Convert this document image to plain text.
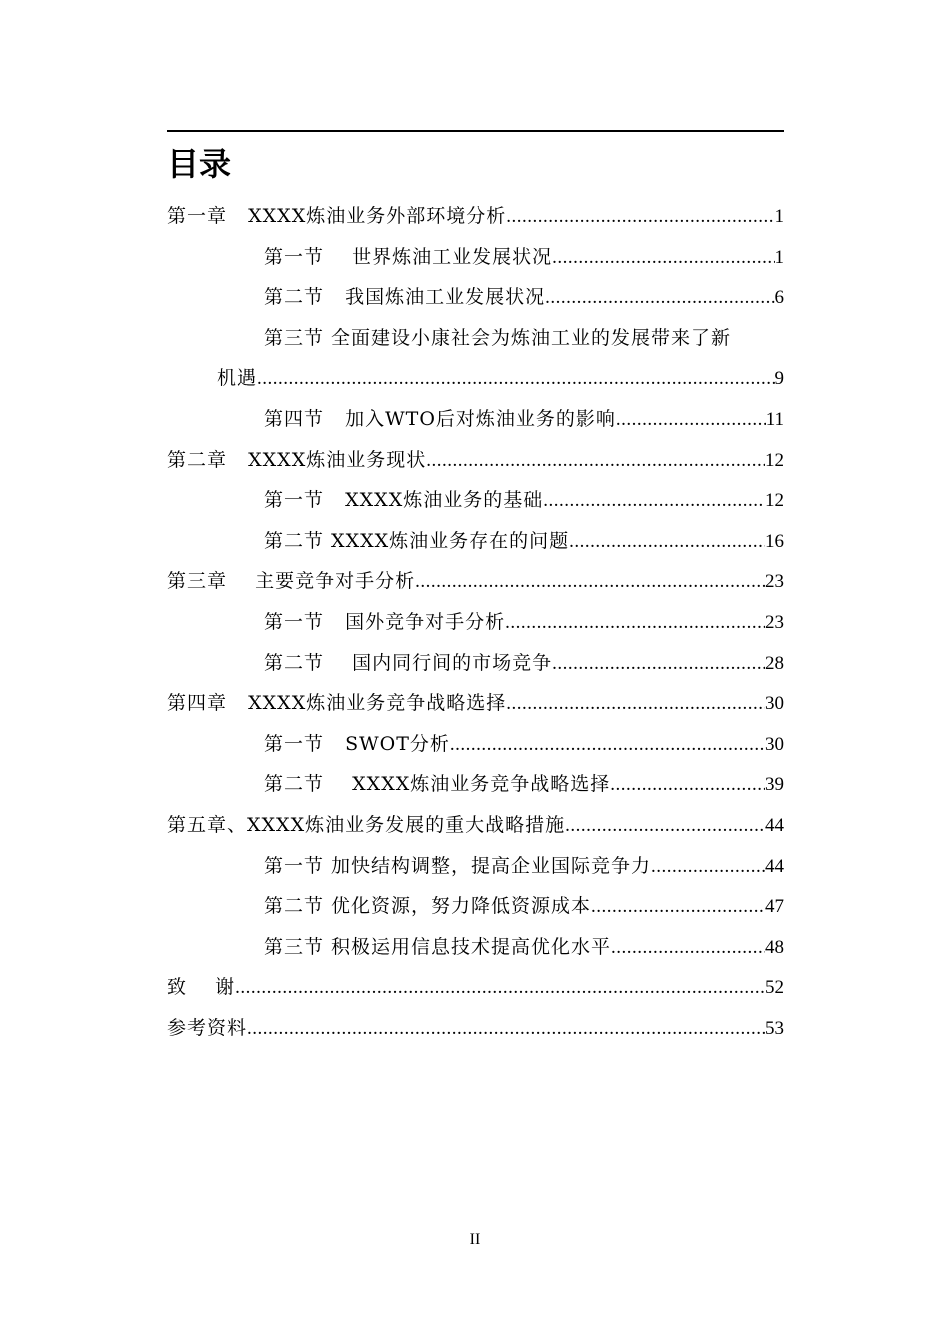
目录
第一章   XXXX炼油业务外部环境分析 .....	1
第一节    世界炼油工业发展状况 .....	1
第二节   我国炼油工业发展状况 .....	6
第三节 全面建设小康社会为炼油工业的发展带来了新
机遇 .....	9
第四节   加入WTO后对炼油业务的影响 .....	11
第二章   XXXX炼油业务现状 .....	12
第一节   XXXX炼油业务的基础 .....	12
第二节 XXXX炼油业务存在的问题 .....	16
第三章    主要竞争对手分析 .....	23
第一节   国外竞争对手分析 .....	23
第二节    国内同行间的市场竞争 .....	28
第四章   XXXX炼油业务竞争战略选择 .....	30
第一节   SWOT分析 .....	30
第二节    XXXX炼油业务竞争战略选择 .....	39
第五章、XXXX炼油业务发展的重大战略措施 .....	44
第一节 加快结构调整，提高企业国际竞争力 .....	44
第二节 优化资源，努力降低资源成本 .....	47
第三节 积极运用信息技术提高优化水平 .....	48
致    谢 .....	52
参考资料 .....	53
II
